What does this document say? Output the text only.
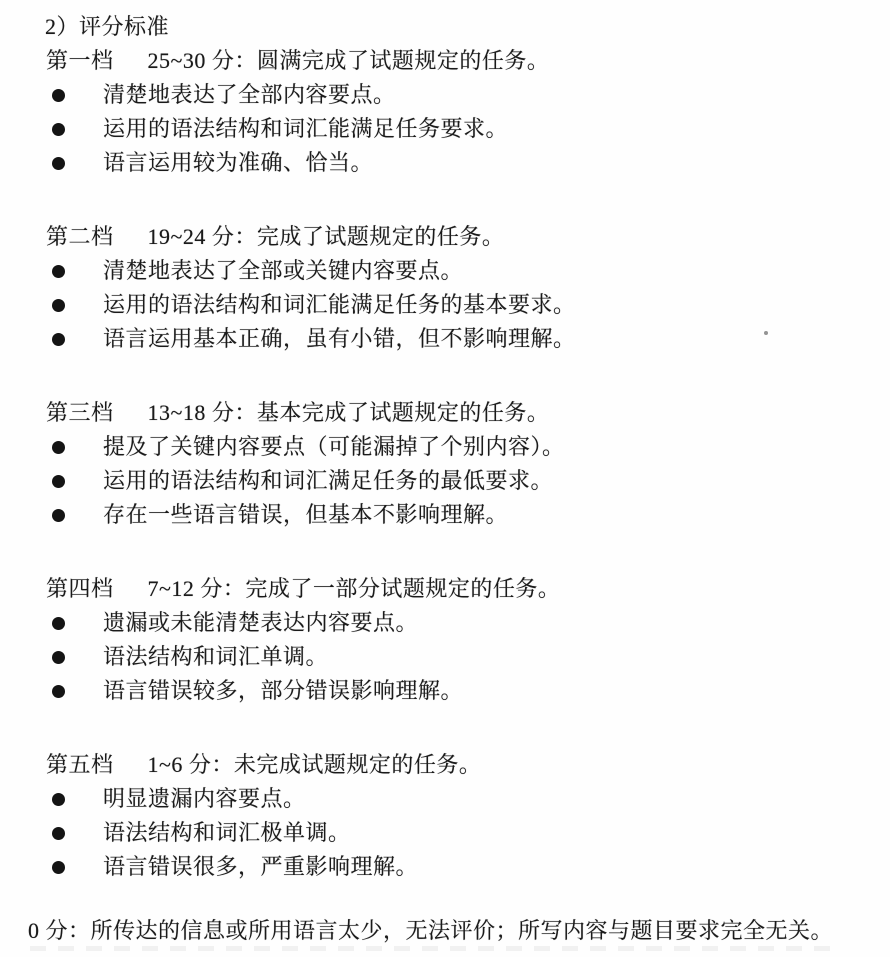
2）评分标准
第一档 25~30 分： 圆满完成了试题规定的任务。
清楚地表达了全部内容要点。
运用的语法结构和词汇能满足任务要求。
语言运用较为准确、恰当。
第二档 19~24 分： 完成了试题规定的任务。
清楚地表达了全部或关键内容要点。
运用的语法结构和词汇能满足任务的基本要求。
语言运用基本正确，虽有小错，但不影响理解。
第三档 13~18 分： 基本完成了试题规定的任务。
提及了关键内容要点（可能漏掉了个别内容）。
运用的语法结构和词汇满足任务的最低要求。
存在一些语言错误，但基本不影响理解。
第四档 7~12 分： 完成了一部分试题规定的任务。
遗漏或未能清楚表达内容要点。
语法结构和词汇单调。
语言错误较多，部分错误影响理解。
第五档 1~6 分： 未完成试题规定的任务。
明显遗漏内容要点。
语法结构和词汇极单调。
语言错误很多，严重影响理解。
0 分：所传达的信息或所用语言太少，无法评价；所写内容与题目要求完全无关。
